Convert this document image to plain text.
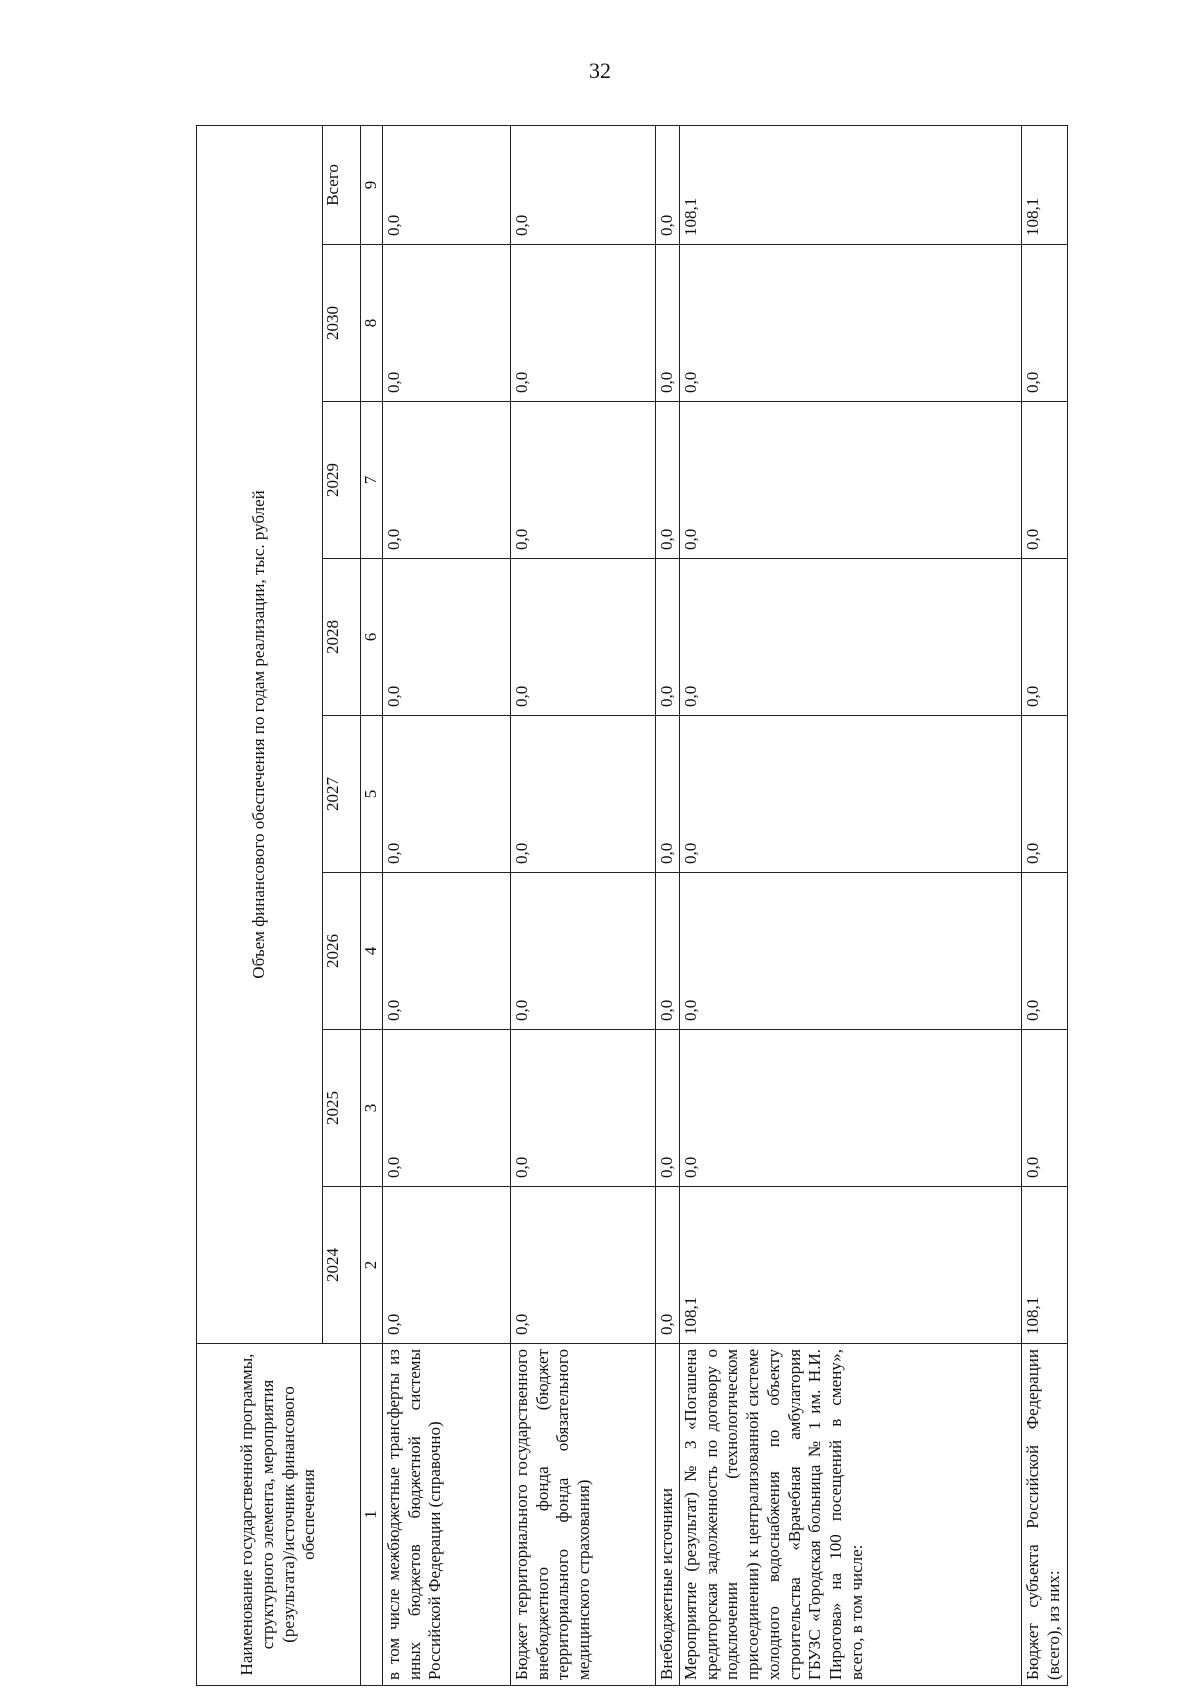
32
Наименование государственной программы, структурного элемента, мероприятия (результата)/источник финансового обеспечения	Объем финансового обеспечения по годам реализации, тыс. рублей							
	2024	2025	2026	2027	2028	2029	2030	Всего
1	2	3	4	5	6	7	8	9
в том числе межбюджетные трансферты из иных бюджетов бюджетной системы Российской Федерации (справочно)	0,0	0,0	0,0	0,0	0,0	0,0	0,0	0,0
Бюджет территориального государственного внебюджетного фонда (бюджет территориального фонда обязательного медицинского страхования)	0,0	0,0	0,0	0,0	0,0	0,0	0,0	0,0
Внебюджетные источники	0,0	0,0	0,0	0,0	0,0	0,0	0,0	0,0
Мероприятие (результат) № 3 «Погашена кредиторская задолженность по договору о подключении (технологическом присоединении) к централизованной системе холодного водоснабжения по объекту строительства «Врачебная амбулатория ГБУЗС «Городская больница № 1 им. Н.И. Пирогова» на 100 посещений в смену», всего, в том числе:	108,1	0,0	0,0	0,0	0,0	0,0	0,0	108,1
Бюджет субъекта Российской Федерации (всего), из них:	108,1	0,0	0,0	0,0	0,0	0,0	0,0	108,1
